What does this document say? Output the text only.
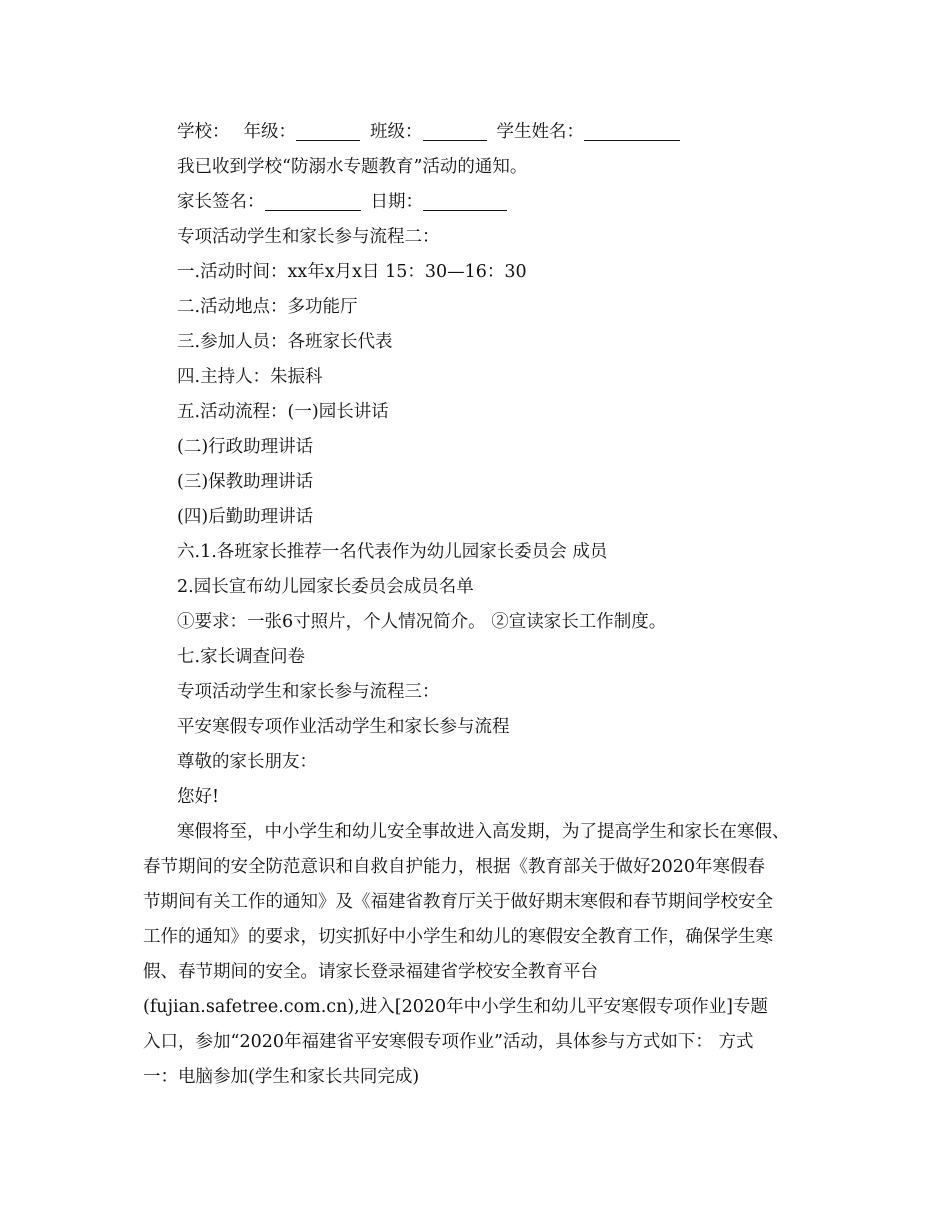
学校： 年级：	班级：	学生姓名：
我已收到学校“防溺水专题教育”活动的通知。
家长签名：	日期：
专项活动学生和家长参与流程二：
一.活动时间：xx年x月x日 15：30—16：30
二.活动地点：多功能厅
三.参加人员：各班家长代表
四.主持人：朱振科
五.活动流程：(一)园长讲话
(二)行政助理讲话
(三)保教助理讲话
(四)后勤助理讲话
六.1.各班家长推荐一名代表作为幼儿园家长委员会 成员
2.园长宣布幼儿园家长委员会成员名单
①要求：一张6寸照片，个人情况简介。 ②宣读家长工作制度。
七.家长调查问卷
专项活动学生和家长参与流程三：
平安寒假专项作业活动学生和家长参与流程
尊敬的家长朋友：
您好!
寒假将至，中小学生和幼儿安全事故进入高发期，为了提高学生和家长在寒假、
春节期间的安全防范意识和自救自护能力，根据《教育部关于做好2020年寒假春
节期间有关工作的通知》及《福建省教育厅关于做好期末寒假和春节期间学校安全
工作的通知》的要求，切实抓好中小学生和幼儿的寒假安全教育工作，确保学生寒
假、春节期间的安全。请家长登录福建省学校安全教育平台
(fujian.safetree.com.cn),进入[2020年中小学生和幼儿平安寒假专项作业]专题
入口，参加“2020年福建省平安寒假专项作业”活动，具体参与方式如下： 方式
一：电脑参加(学生和家长共同完成)
